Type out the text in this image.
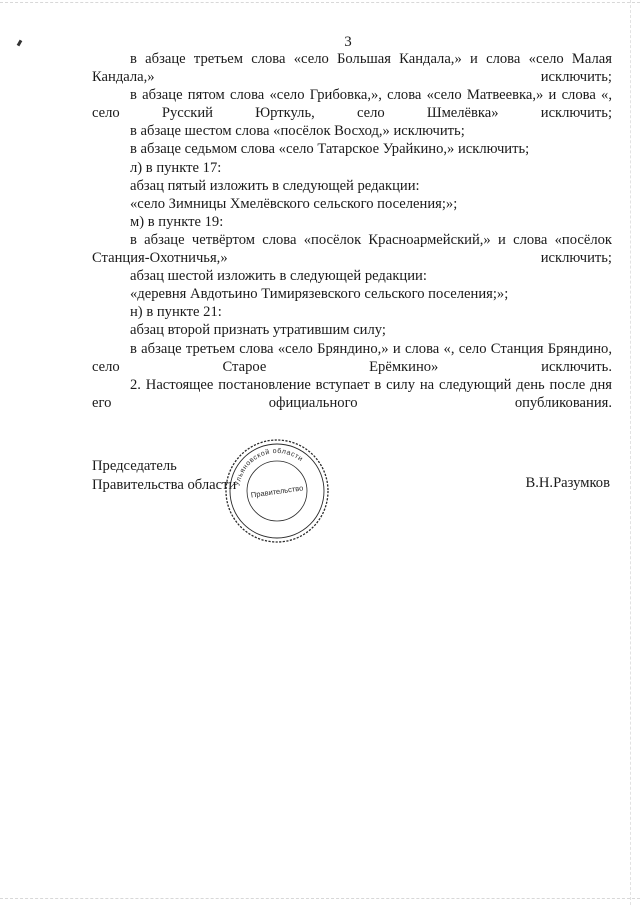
3

в абзаце третьем слова «село Большая Кандала,» и слова «село Малая Кандала,» исключить;

в абзаце пятом слова «село Грибовка,», слова «село Матвеевка,» и слова «, село Русский Юрткуль, село Шмелёвка» исключить;

в абзаце шестом слова «посёлок Восход,» исключить;

в абзаце седьмом слова «село Татарское Урайкино,» исключить;

л) в пункте 17:

абзац пятый изложить в следующей редакции:

«село Зимницы Хмелёвского сельского поселения;»;

м) в пункте 19:

в абзаце четвёртом слова «посёлок Красноармейский,» и слова «посёлок Станция-Охотничья,» исключить;

абзац шестой изложить в следующей редакции:

«деревня Авдотьино Тимирязевского сельского поселения;»;

н) в пункте 21:

абзац второй признать утратившим силу;

в абзаце третьем слова «село Бряндино,» и слова «, село Станция Бряндино, село Старое Ерёмкино» исключить.

2. Настоящее постановление вступает в силу на следующий день после дня его официального опубликования.

Председатель
Правительства области
Ульяновской области
Правительство
В.Н.Разумков
